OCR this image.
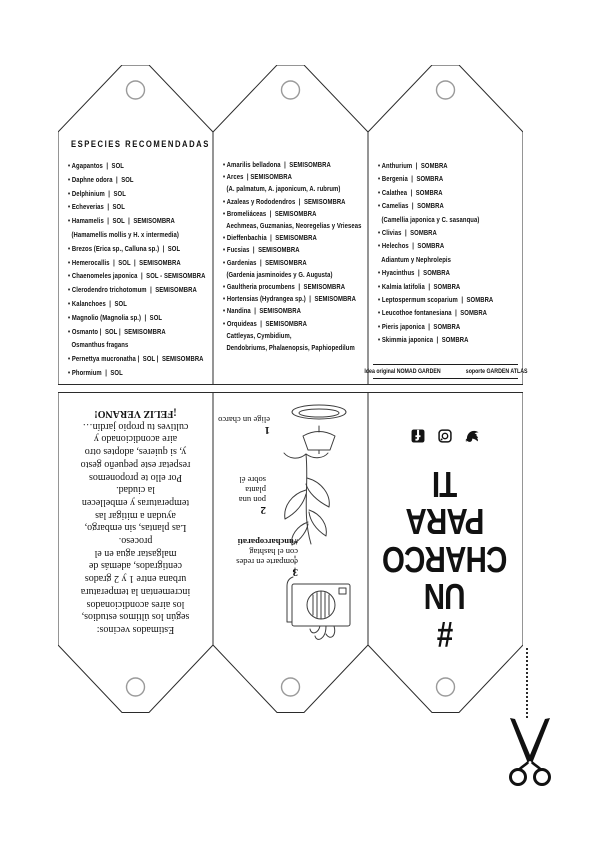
ESPECIES RECOMENDADAS
• Agapantos  |  SOL
• Daphne odora  |  SOL
• Delphinium  |  SOL
• Echeverias  |  SOL
• Hamamelis  |  SOL  |  SEMISOMBRA
(Hamamellis mollis y H. x intermedia)
• Brezos (Erica sp., Calluna sp.)  |  SOL
• Hemerocallis  |  SOL  |  SEMISOMBRA
• Chaenomeles japonica  |  SOL - SEMISOMBRA
• Clerodendro trichotomum  |  SEMISOMBRA
• Kalanchoes  |  SOL
• Magnolio (Magnolia sp.)  |  SOL
• Osmanto |  SOL |  SEMISOMBRA
Osmanthus fragans
• Pernettya mucronatha |  SOL |  SEMISOMBRA
• Phormium  |  SOL
• Amarilis belladona  |  SEMISOMBRA
• Arces  | SEMISOMBRA
(A. palmatum, A. japonicum, A. rubrum)
• Azaleas y Rododendros  |  SEMISOMBRA
• Bromeliáceas  |  SEMISOMBRA
Aechmeas, Guzmanias, Neoregelias y Vrieseas
• Dieffenbachia  |  SEMISOMBRA
• Fucsias  |  SEMISOMBRA
• Gardenias  |  SEMISOMBRA
(Gardenia jasminoides y G. Augusta)
• Gaultheria procumbens  |  SEMISOMBRA
• Hortensias (Hydrangea sp.)  |  SEMISOMBRA
• Nandina  |  SEMISOMBRA
• Orquideas  |  SEMISOMBRA
Cattleyas, Cymbidium,
Dendobriums, Phalaenopsis, Paphiopedilum
• Anthurium  |  SOMBRA
• Bergenia  |  SOMBRA
• Calathea  |  SOMBRA
• Camelias  |  SOMBRA
(Camellia japonica y C. sasanqua)
• Clivias  |  SOMBRA
• Helechos  |  SOMBRA
Adiantum y Nephrolepis
• Hyacinthus  |  SOMBRA
• Kalmia latifolia  |  SOMBRA
• Leptospermum scoparium  |  SOMBRA
• Leucothoe fontanesiana  |  SOMBRA
• Pieris japonica  |  SOMBRA
• Skimmia japonica  |  SOMBRA
Idea original NOMAD GARDEN	soporte GARDEN ATLAS
Estimados vecinos:
según los últimos estudios,
los aires acondicionados
incrementan la temperatura
urbana entre 1 y 2 grados
centigrados, además de
malgastar agua en el
proceso.
Las plantas, sin embargo,
ayudan a mitigar las
temperaturas y embellecen
la ciudad.
Por ello te proponemos
respetar este pequeño gesto
y, si quieres, adoptes otro
aire acondicionado y
cultives tu propio jardín…
¡FELIZ VERANO!
3
comparte en redes
con el hashtag
#uncharcoparati
2
pon una planta
sobre él
1
elige un charco
#
UN
CHARCO
PARA
TI
